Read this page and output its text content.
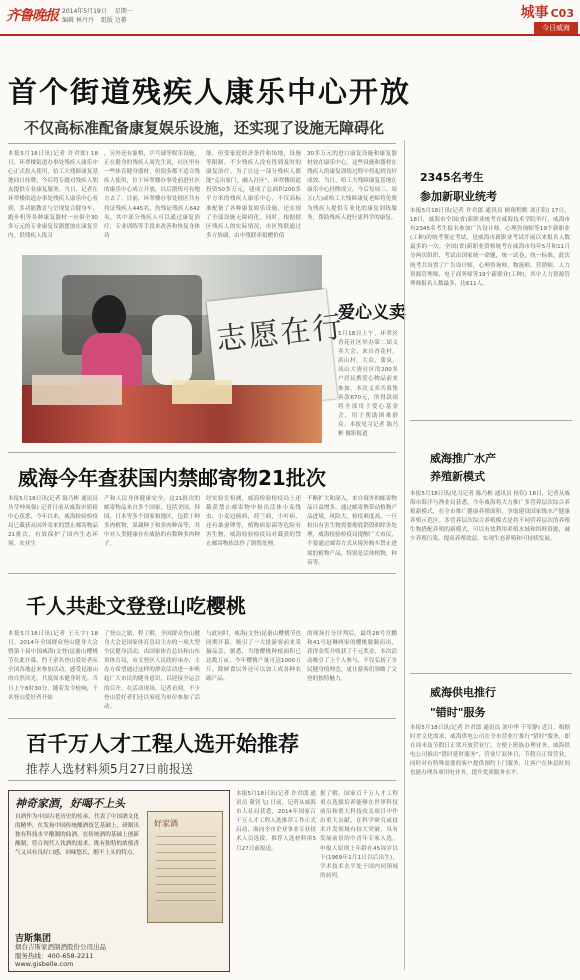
齐鲁晚报 2014年5月19日 星期一
编辑 林丹丹 组版 边蕃	城事 C03
今日威海
首个街道残疾人康乐中心开放
不仅高标准配备康复娱乐设施，还实现了设施无障碍化
本报5月18日讯(记者 许君郎) 18日，环翠楼街道办事处残疾人康乐中心正式投入使用，给工大残障康复基地同日挂牌，今后将专题对残疾人朋友提供专业康复服务。当日，记者在环翠楼街道办事处残疾人康乐中心看到，多功能教育与呈现复合健身车，跑步机等各种康复器材一应俱全30多万元的专业康复仪器摆放在康复室内，供残疾人练习
，另外还有象棋，乒乓球等娱乐设施，正在健身的残疾人周先生说，社区里有一些体育健身器材，但很多都不适合残疾人使用，位于环翠楼办事处前进社区的康乐中心成立开放，以后锻炼可有地方去了。目前，环翠楼办事处辖区共有持证残疾人445名，伤残证残疾人642名，其中部分残疾人可以通过康复治疗，专业训练等手段来改善和恢复身体功
能，但受家庭经济条件和场地，设施等限制，不少残疾人没有得到及时的康复治疗。为了让这一部分残疾人都能"走出家门，融入社区"，环翠楼街道投资50多万元，建成了总面积200多平方米的残疾人康乐中心，不仅高标准配备了各种康复娱乐设施，还实现了全部设施无障碍化。同时，根据辖区残疾人的实际情况，市区残联通过多方协调，由中残联率捐赠价值
30多万元的进口康复设施和康复器材放在康乐中心，这些设施和器材在残疾人的康复训练过程中将起到良好成效。当日，哈工大残障康复基地在康乐中心挂牌成立，今后每周三、周五(大)或哈工大残障康复老师将免费为残疾人提供专业化的康复训练服务，帮助残疾人进行更科学的康复。
志愿在行
爱心义卖
5月18日上午，环翠区香花社区举办第二届义卖大会，来自香花村，滨山村，大众，蒲泉，凤山大唐社区的200多户居民携爱心物品前来参加。本次义卖共募集善款670元，所得款项将全部用于爱心基金会，用于帮助困难群众。本报见习记者 陈乃彬 摄影报道
威海今年查获国内禁邮寄物21批次
本报5月18日讯(记者 陈乃彬 通讯员 丛莹坤周强) 记者日前从威海市质检中心获悉，今年以来，威海检验检疫局已截获从国外寄来的禁止邮寄物品21批次，有效保护了国内生态环境，农业生
产和人民身体健康安全。这21批次的邮寄物品来自多个国家，包括美国，韩国，日本等多个国家和地区，包括干种多肉植物，果蔬种子和多肉种苗等，其中对人类健康存在威胁的有数种多肉种子。
经实验室检测，威海检验检疫局上述截获禁止邮寄物中检出活体小麦线虫，小麦冠癌病，荷兰病，小叶病，还有桑蚕卵等，植物病原菌等危险有害生物，威海检验检疫局对截获的禁止邮寄物依法作了销毁处理。
不断扩大和深入，来自境外的邮寄物品日益增多。通过邮寄携带动植物产品进境，风险大，检疫难度高，一旦检出有害生物需要彻底销毁和除害处理，威海检验检疫局提醒广大市民，不要通过邮寄方式从境外购买禁止进境的植物产品，特别是活体植物，种苗等。
千人共赴文登登山吃樱桃
本报5月18日讯(记者 王天宇) 18日，2014年全国群众登山健身大会暨第十届中国威海(文登)昆嵛山樱桃节在此开幕，约千余名登山爱好者从全国各地赶来参加活动，感受昆嵛山的自然风光，共度周末健身时光。当日上午8时30分，随着发令枪响，千名登山爱好者开始
了登山之旅，程了解，全国群众登山健身大会是国家体育总局主办的一项大型全民健身活动，由国家体育总局和山东省体育局，市文登区人民政府承办，主办方希望通过这样的群众活动进一步唤起广大市民的健身意识，以迎接全运会的召开，在活动现场，记者看到，不少登山爱好者们还以家庭为单位参加了活动。
与此同时，威海(文登)昆嵛山樱桃节也同期开幕，吸引了一大批游客前来采摘品尝，据悉，当地樱桃种植面积已达数万亩，今年樱桃产量可达1000万斤，除鲜食以外还可以加工成各种农副产品。
的现场打分评判后，最终28号宫鹏和41号赵琳两家的樱桃脱颖而出，获得金奖并收获了千元奖金，本次活动吸引了上千人参与，不仅弘扬了全民健身的理念，更让游客们领略了文登的独特魅力。
百千万人才工程人选开始推荐
推荐人选材料须5月27日前报送
神奇家酒，好喝不上头
自酒作为中国古老历史的传承，代表了中国酒文化的精华，在发扬中国传统酿酒技艺基础上，研制出独有科技水平酿制的仙酒，在传统酒的基础上创新酿制，符合现代人饮酒的需求，既有独特的浓郁香气又具有良好口感，回味悠长，醇不上头的特点。
好家酒
吉斯集团
烟台吉斯家酒制酒股份公司出品
服务热线：400-658-2211
www.gisbelle.com
本报5月18日讯(记者 许君郎 通讯员 董钊飞) 日前，记者从威海市人社局获悉，2014年国家百千万人才工程人选推荐工作正式启动，面向全市企业事业专业技术人员选拔，推荐人选材料须5月27日前报送。
据了解，国家百千万人才工程重点选拔培养能够在世界科技前沿和重大科技攻关项目中作出重大贡献，在科学研究或技术开发领域有较大突破，具有发展前景的中青年专家人选，申报人原则上年龄在45周岁以下(1969年1月1日以后出生)，学术技术水平处于国内同领域的前列。
2345名考生
参加新职业统考
本报5月18日讯(记者 许君郎 通讯员 顾翔程默 刘正阳) 17日，18日，威海市全国(省)新职业统考在威海技术学院举行，威海市有2345名考生报名参加广告设计师，心理咨询师等19个新职业(工种)的统考鉴定考试，是威海市新职业考试开展以来报名人数最多的一次。全国(省)新职业资格统考在威海市每年5月和11月分两次组织，考试由国家统一命题，统一试卷，统一标准，此次统考共设置了广告设计师，心理咨询师，物流师，营销师，人力资源管理师，电子商务师等19个新职业(工种)，其中人力资源管理师报名人数最多，达611人。
威海推广水产
养殖新模式
本报5月18日讯(见习记者 陈乃彬 通讯员 侯钰) 18日，记者从威海市海洋与渔业局获悉，今年威海将大力推广多营养层次综合养殖新模式，在全市推广健康养殖面积，争取建设国家级水产健康养殖示范区。多营养层次综合养殖模式是将不同营养层次的养殖生物搭配养殖的新模式，可以有效利用养殖水域和饵料资源，减少养殖污染，提高养殖效益，实现生态养殖和可持续发展。
威海供电推行
"错时"服务
本报5月18日讯(记者 许君郎 通讯员 刘中华 于军静) 近日，根据时差文化需求，威海供电公司在全市营业厅推行"错时"服务，即在周末及节假日正常开放营业厅，方便上班族办理业务。威海供电公司推出"错时延时服务"，营业厅双休日，节假日正常营业，同时对有特殊需要的客户提供预约上门服务，让客户在休息时间也能办理各项用电业务，提升优质服务水平。
